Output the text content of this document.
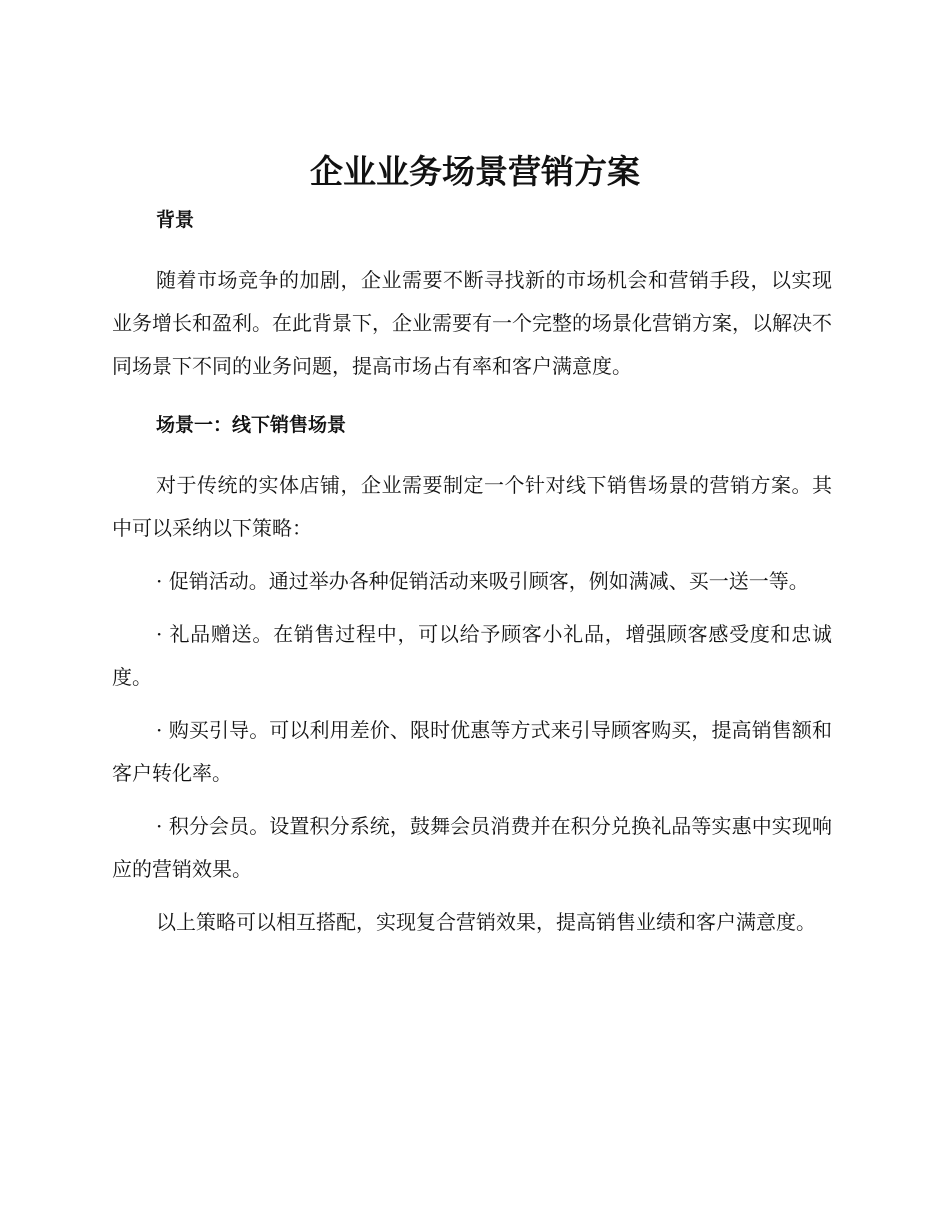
企业业务场景营销方案
背景

随着市场竞争的加剧，企业需要不断寻找新的市场机会和营销手段，以实现业务增长和盈利。在此背景下，企业需要有一个完整的场景化营销方案，以解决不同场景下不同的业务问题，提高市场占有率和客户满意度。

场景一：线下销售场景

对于传统的实体店铺，企业需要制定一个针对线下销售场景的营销方案。其中可以采纳以下策略：

· 促销活动。通过举办各种促销活动来吸引顾客，例如满减、买一送一等。

· 礼品赠送。在销售过程中，可以给予顾客小礼品，增强顾客感受度和忠诚度。

· 购买引导。可以利用差价、限时优惠等方式来引导顾客购买，提高销售额和客户转化率。

· 积分会员。设置积分系统，鼓舞会员消费并在积分兑换礼品等实惠中实现响应的营销效果。

以上策略可以相互搭配，实现复合营销效果，提高销售业绩和客户满意度。
